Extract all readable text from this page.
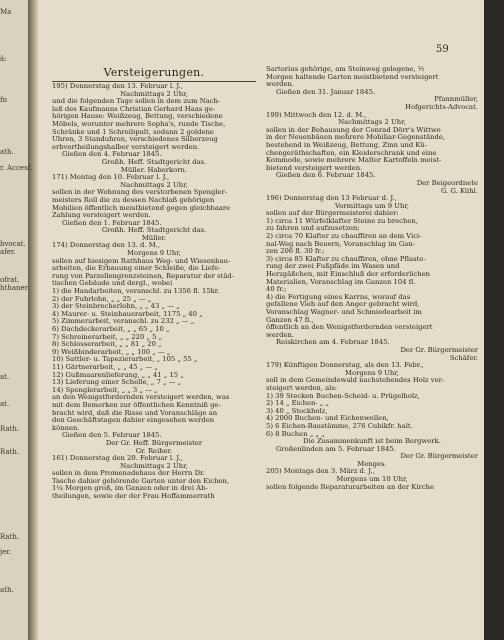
59
Ma
ä:
fn
ath.
r. Accesf.
bvocat.
afer.
ofrat.
hthaner.
at.
at.
Rath.
Rath.
Rath.
jer.
ath.
Versteigerungen.
195) Donnerstag den 13. Februar l. J.,
Nachmittags 2 Uhr,
und die folgenden Tage sollen in dem zum Nach-
laß des Kaufmanns Christian Gerhard Haas ge-
hörigen Hause: Weißzeug, Bettung, verschiedene
Möbels, worunter mehrere Sopha's, runde Tische,
Schränke und 1 Schreibpult, sodann 2 goldene
Uhren, 3 Standuhren, verschiedenes Silberzeug
erbvertheilungshalber versteigert werden.
Gießen den 4. Februar 1845.
Großh. Heff. Stadtgericht das.
Müller. Haberkorn.
171) Montag den 10. Februar l. J.,
Nachmittags 2 Uhr,
sollen in der Wohnung des verstorbenen Spengler-
meisters Roll die zu dessen Nachlaß gehörigen
Mobilien öffentlich meistbietend gegen gleichbaare
Zahlung versteigert werden.
Gießen den 1. Februar 1845.
Großh. Heff. Stadtgericht das.
Müller.
174) Donnerstag den 13. d. M.,
Morgens 9 Uhr,
sollen auf hiesigem Rathhaus Weg- und Wiesenbau-
arbeiten, die Erbauung einer Schleiße, die Liefe-
rung von Parzellengrenzsteinen, Reparatur der städ-
tischen Gebäude und dergl., wobei
1) die Handarbeiten, veranschl. zu 1356 fl. 15kr.
2) der Fuhrlohn, „ „ 25 „ — „
3) der Steinbrecherlohn, „ „ 43 „ — „
4) Maurer- u. Steinhauerarbeit, 1175 „ 40 „
5) Zimmerarbeit, veranschl. zu 232 „ — „
6) Dachdeckerarbeit, „ „ 65 „ 10 „
7) Schreinerarbeit, „ „ 220 „ 5 „
8) Schlosserarbeit, „ „ 81 „ 20 „
9) Weißbinderarbeit, „ „ 100 „ — „
10) Sattler- u. Tapezierarbeit, „ 105 „ 55 „
11) Gärtnerarbeit, „ „ 45 „ — „
12) Gußmaarenlieferung, „ „ 41 „ 15 „
13) Lieferung einer Schelle, „ 7 „ — „
14) Spenglerarbeit, „ „ 3 „ — „
an den Wenigstfordernden versteigert werden, was
mit dem Bemerken zur öffentlichen Kenntniß ge-
bracht wird, daß die Risse und Voranschläge an
den Geschäftstagen dahier eingesehen werden
können.
Gießen den 5. Februar 1845.
Der Gr. Heff. Bürgermeister
Gr. Reiber.
161) Donnerstag den 20. Februar l. J.,
Nachmittags 2 Uhr,
sollen in dem Promenadehaus der Herrn Dr.
Tasche dahier gehörende Garten unter den Eichen,
1¼ Morgen groß, im Ganzen oder in drei Ab-
theilungen, sowie der der Frau Hoffammerrath
Sartorius gehörige, am Steinweg gelegene, ½
Morgen haltende Garten meistbietend versteigert
werden.
Gießen den 31. Januar 1845.
Pfannmüller,
Hofgerichts-Advocat.
199) Mittwoch den 12. d. M.,
Nachmittags 2 Uhr,
sollen in der Behausung der Conrad Dörr's Wittwe
in der Neuenbäuen mehrere Mobiliar-Gegenstände,
bestehend in Weißzeug, Bettung, Zinn und Kü-
chengeräthschaften, ein Kleiderschrank und eine
Kommode, sowie mehrere Malter Kartoffeln meist-
bietend versteigert werden.
Gießen den 6. Februar 1845.
Der Beigeordnete
G. G. Kühl.
196) Donnerstag den 13 Februar d. J.,
Vormittags um 9 Uhr,
sollen auf der Bürgermeisterei dahier:
1) circa 11 Würfelklafter Steine zu brechen,
zu fahren und aufzusetzen;
2) circa 70 Klafter zu chauffiren an dem Vici-
nal-Weg nach Beuern, Voranschlag im Gan-
zen 206 fl. 30 fr.;
3) circa 85 Klafter zu chauffiren, ohne Pflaste-
rung der zwei Fußpfäde im Wasen und
Herzgäßchen, mit Einschluß der erforderlichen
Materialien, Voranschlag im Ganzen 104 fl.
40 fr.;
4) die Fertigung eines Karrns, worauf das
gefallene Vieh auf den Anger gebracht wird,
Voranschlag Wagner- und Schmiedearbeit im
Ganzen 47 fl.,
öffentlich an den Wenigstfordernden versteigert
werden.
Reiskirchen am 4. Februar 1845.
Der Gr. Bürgermeister
Schäfer.
179) Künftigen Donnerstag, als den 13. Febr.,
Morgens 9 Uhr,
soll in dem Gemeindewald nachstehendes Holz ver-
steigert werden, als:
1) 39 Stecken Buchen-Scheid- u. Prügelholz,
2) 14 „ Eichen- „ „
3) 40 „ Stockholz,
4) 2000 Buchen- und Eichenwellen,
5) 6 Eichen-Baustämme, 276 Cubikfr. halt.
6) 8 Buchen „ „ „
Die Zusammenkunft ist beim Bergwerk.
Großenlinden am 5. Februar 1845.
Der Gr. Bürgermeister
Menges.
205) Montags den 3. März d. J.,
Morgens um 10 Uhr,
sollen folgende Reparaturarbeiten an der Kirche
